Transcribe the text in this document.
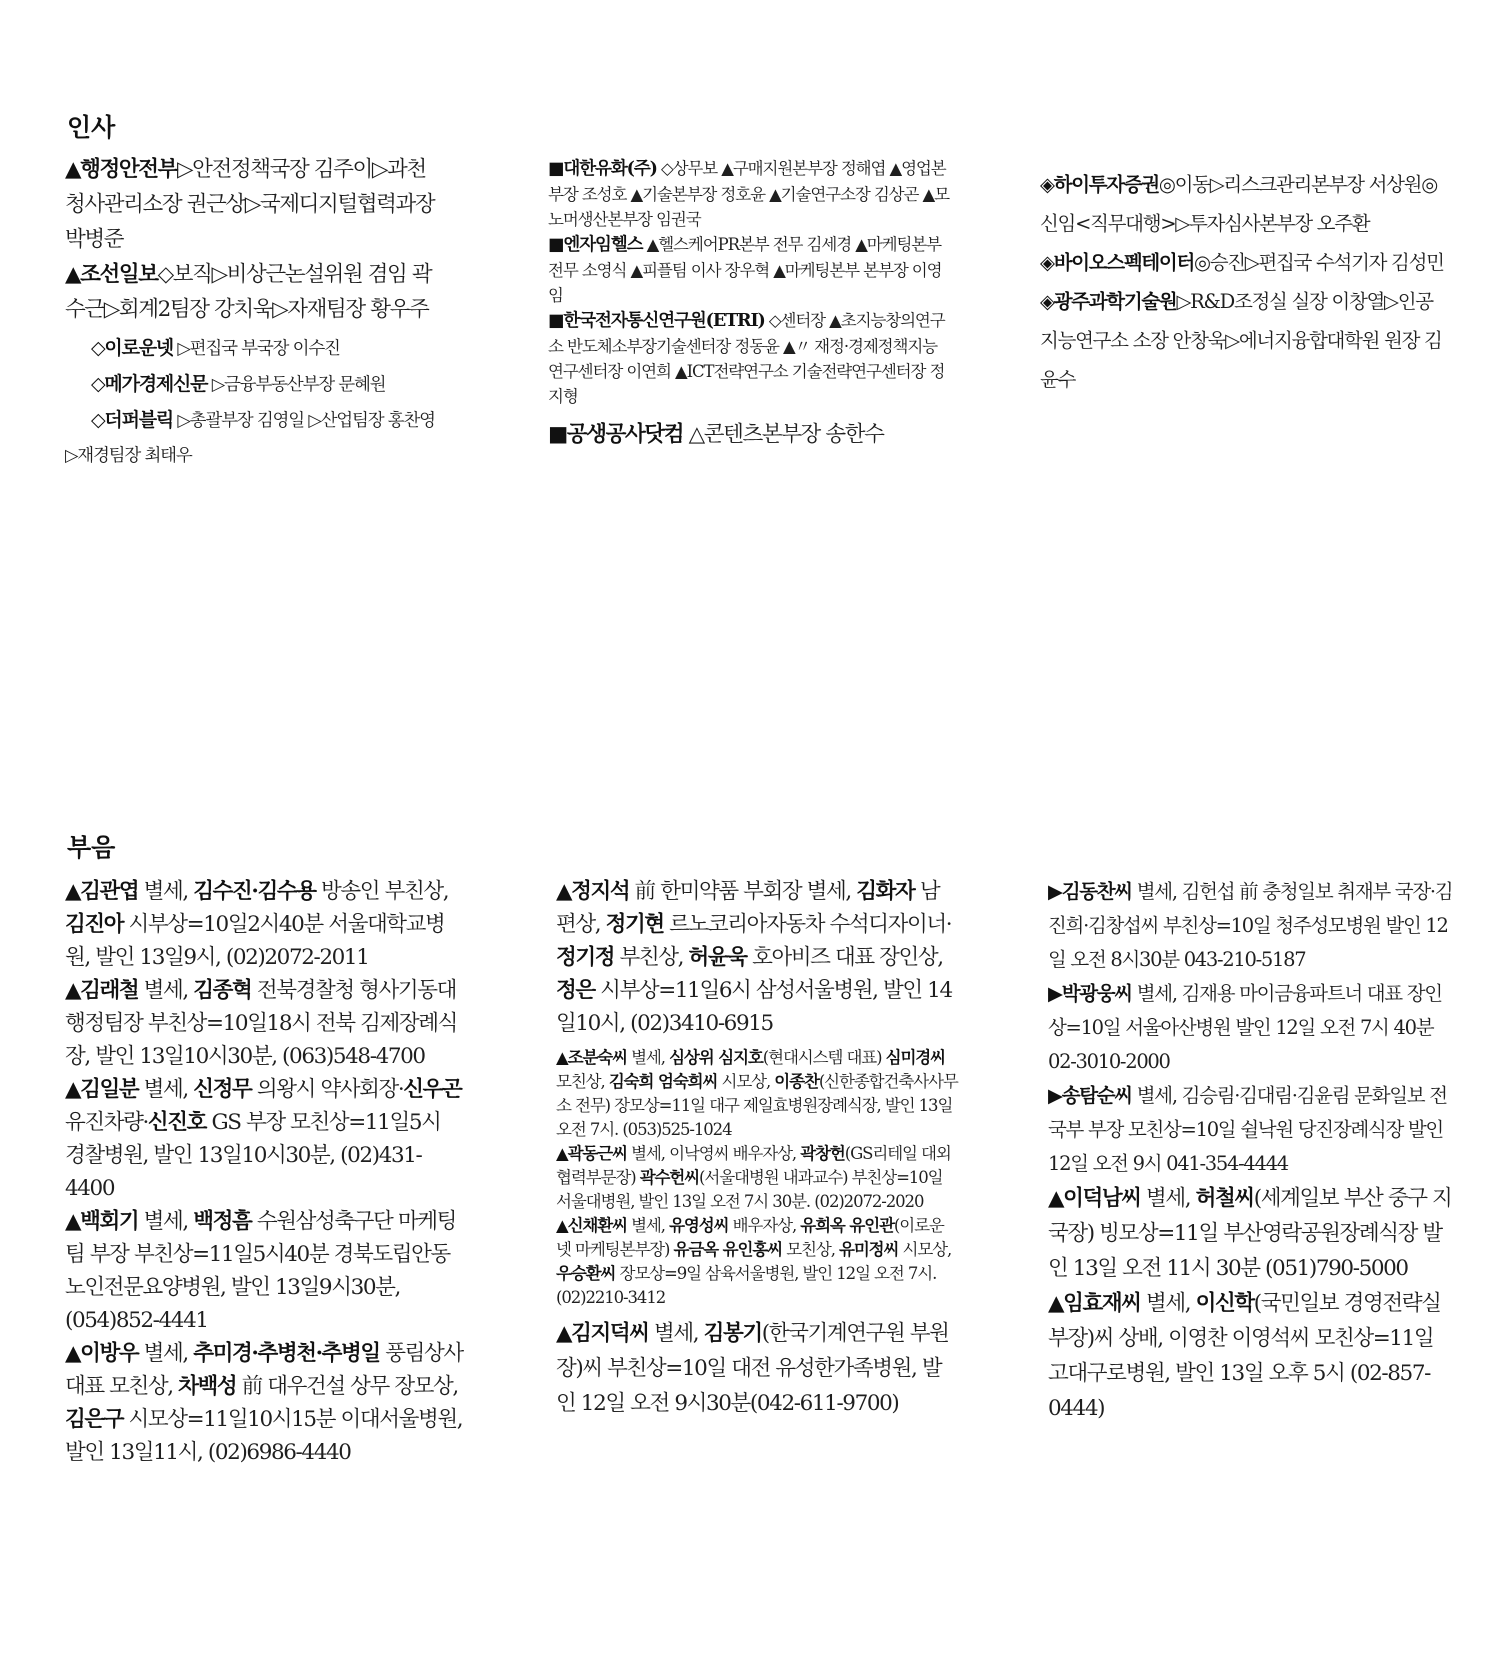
인사

▲행정안전부▷안전정책국장 김주이▷과천 청사관리소장 권근상▷국제디지털협력과장 박병준

▲조선일보◇보직▷비상근논설위원 겸임 곽수근▷회계2팀장 강치욱▷자재팀장 황우주

◇이로운넷 ▷편집국 부국장 이수진

◇메가경제신문 ▷금융부동산부장 문혜원

◇더퍼블릭 ▷총괄부장 김영일 ▷산업팀장 홍찬영 ▷재경팀장 최태우

■대한유화(주) ◇상무보 ▲구매지원본부장 정해엽 ▲영업본부장 조성호 ▲기술본부장 정호윤 ▲기술연구소장 김상곤 ▲모노머생산본부장 임권국

■엔자임헬스 ▲헬스케어PR본부 전무 김세경 ▲마케팅본부 전무 소영식 ▲피플팀 이사 장우혁 ▲마케팅본부 본부장 이영임

■한국전자통신연구원(ETRI) ◇센터장 ▲초지능창의연구소 반도체소부장기술센터장 정동윤 ▲〃 재정·경제정책지능연구센터장 이연희 ▲ICT전략연구소 기술전략연구센터장 정지형

■공생공사닷컴 △콘텐츠본부장 송한수

◈하이투자증권◎이동▷리스크관리본부장 서상원◎신임<직무대행>▷투자심사본부장 오주환

◈바이오스펙테이터◎승진▷편집국 수석기자 김성민

◈광주과학기술원▷R&D조정실 실장 이창열▷인공지능연구소 소장 안창욱▷에너지융합대학원 원장 김윤수

부음

▲김관엽 별세, 김수진·김수용 방송인 부친상, 김진아 시부상=10일2시40분 서울대학교병원, 발인 13일9시, (02)2072-2011

▲김래철 별세, 김종혁 전북경찰청 형사기동대 행정팀장 부친상=10일18시 전북 김제장례식장, 발인 13일10시30분, (063)548-4700

▲김일분 별세, 신정무 의왕시 약사회장·신우곤 유진차량·신진호 GS 부장 모친상=11일5시 경찰병원, 발인 13일10시30분, (02)431-4400

▲백회기 별세, 백정흠 수원삼성축구단 마케팅팀 부장 부친상=11일5시40분 경북도립안동노인전문요양병원, 발인 13일9시30분, (054)852-4441

▲이방우 별세, 추미경·추병천·추병일 풍림상사 대표 모친상, 차백성 前 대우건설 상무 장모상, 김은구 시모상=11일10시15분 이대서울병원, 발인 13일11시, (02)6986-4440

▲정지석 前 한미약품 부회장 별세, 김화자 남편상, 정기현 르노코리아자동차 수석디자이너·정기정 부친상, 허윤욱 호아비즈 대표 장인상, 정은 시부상=11일6시 삼성서울병원, 발인 14일10시, (02)3410-6915

▲조분숙씨 별세, 심상위 심지호(현대시스템 대표) 심미경씨 모친상, 김숙희 엄숙희씨 시모상, 이종찬(신한종합건축사사무소 전무) 장모상=11일 대구 제일효병원장례식장, 발인 13일 오전 7시. (053)525-1024

▲곽동근씨 별세, 이낙영씨 배우자상, 곽창헌(GS리테일 대외협력부문장) 곽수헌씨(서울대병원 내과교수) 부친상=10일 서울대병원, 발인 13일 오전 7시 30분. (02)2072-2020

▲신채환씨 별세, 유영성씨 배우자상, 유희옥 유인관(이로운넷 마케팅본부장) 유금옥 유인홍씨 모친상, 유미정씨 시모상, 우승환씨 장모상=9일 삼육서울병원, 발인 12일 오전 7시. (02)2210-3412

▲김지덕씨 별세, 김봉기(한국기계연구원 부원장)씨 부친상=10일 대전 유성한가족병원, 발인 12일 오전 9시30분(042-611-9700)

▶김동찬씨 별세, 김헌섭 前 충청일보 취재부 국장·김진희·김창섭씨 부친상=10일 청주성모병원 발인 12일 오전 8시30분 043-210-5187

▶박광웅씨 별세, 김재용 마이금융파트너 대표 장인상=10일 서울아산병원 발인 12일 오전 7시 40분 02-3010-2000

▶송탐순씨 별세, 김승림·김대림·김윤림 문화일보 전국부 부장 모친상=10일 쉴낙원 당진장례식장 발인 12일 오전 9시 041-354-4444

▲이덕남씨 별세, 허철씨(세계일보 부산 중구 지국장) 빙모상=11일 부산영락공원장례식장 발인 13일 오전 11시 30분 (051)790-5000

▲임효재씨 별세, 이신학(국민일보 경영전략실 부장)씨 상배, 이영찬 이영석씨 모친상=11일 고대구로병원, 발인 13일 오후 5시 (02-857-0444)
